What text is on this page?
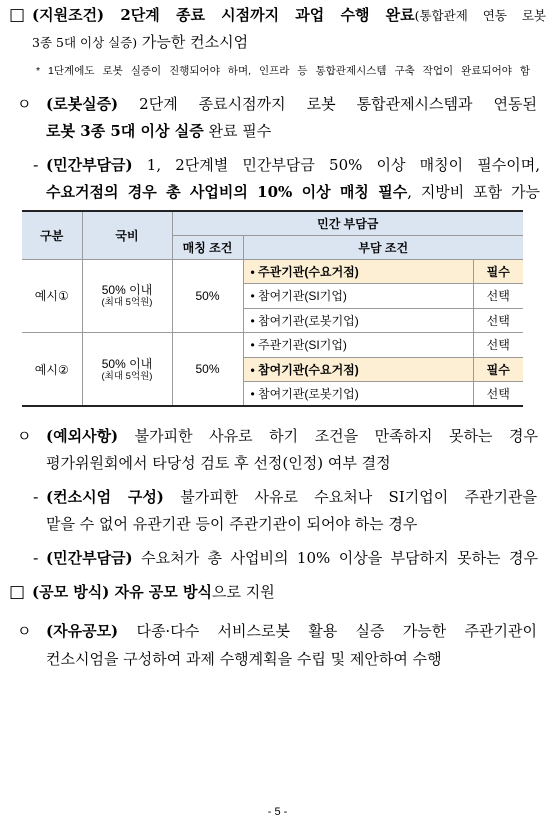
□ (지원조건) 2단계 종료 시점까지 과업 수행 완료(통합관제 연동 로봇
3종 5대 이상 실증) 가능한 컨소시엄
* 1단계에도 로봇 실증이 진행되어야 하며, 인프라 등 통합관제시스템 구축 작업이 완료되어야 함
ㅇ (로봇실증) 2단계 종료시점까지 로봇 통합관제시스템과 연동된
로봇 3종 5대 이상 실증 완료 필수
- (민간부담금) 1, 2단계별 민간부담금 50% 이상 매칭이 필수이며,
수요거점의 경우 총 사업비의 10% 이상 매칭 필수, 지방비 포함 가능
구분	국비	민간 부담금		
		매칭 조건	부담 조건	
예시①	50% 이내
(최대 5억원)	50%	• 주관기관(수요거점)	필수
			• 참여기관(SI기업)	선택
			• 참여기관(로봇기업)	선택
예시②	50% 이내
(최대 5억원)	50%	• 주관기관(SI기업)	선택
			• 참여기관(수요거점)	필수
			• 참여기관(로봇기업)	선택
ㅇ (예외사항) 불가피한 사유로 하기 조건을 만족하지 못하는 경우
평가위원회에서 타당성 검토 후 선정(인정) 여부 결정
- (컨소시엄 구성) 불가피한 사유로 수요처나 SI기업이 주관기관을
맡을 수 없어 유관기관 등이 주관기관이 되어야 하는 경우
- (민간부담금) 수요처가 총 사업비의 10% 이상을 부담하지 못하는 경우
□ (공모 방식) 자유 공모 방식으로 지원
ㅇ (자유공모) 다종·다수 서비스로봇 활용 실증 가능한 주관기관이
컨소시엄을 구성하여 과제 수행계획을 수립 및 제안하여 수행
- 5 -
